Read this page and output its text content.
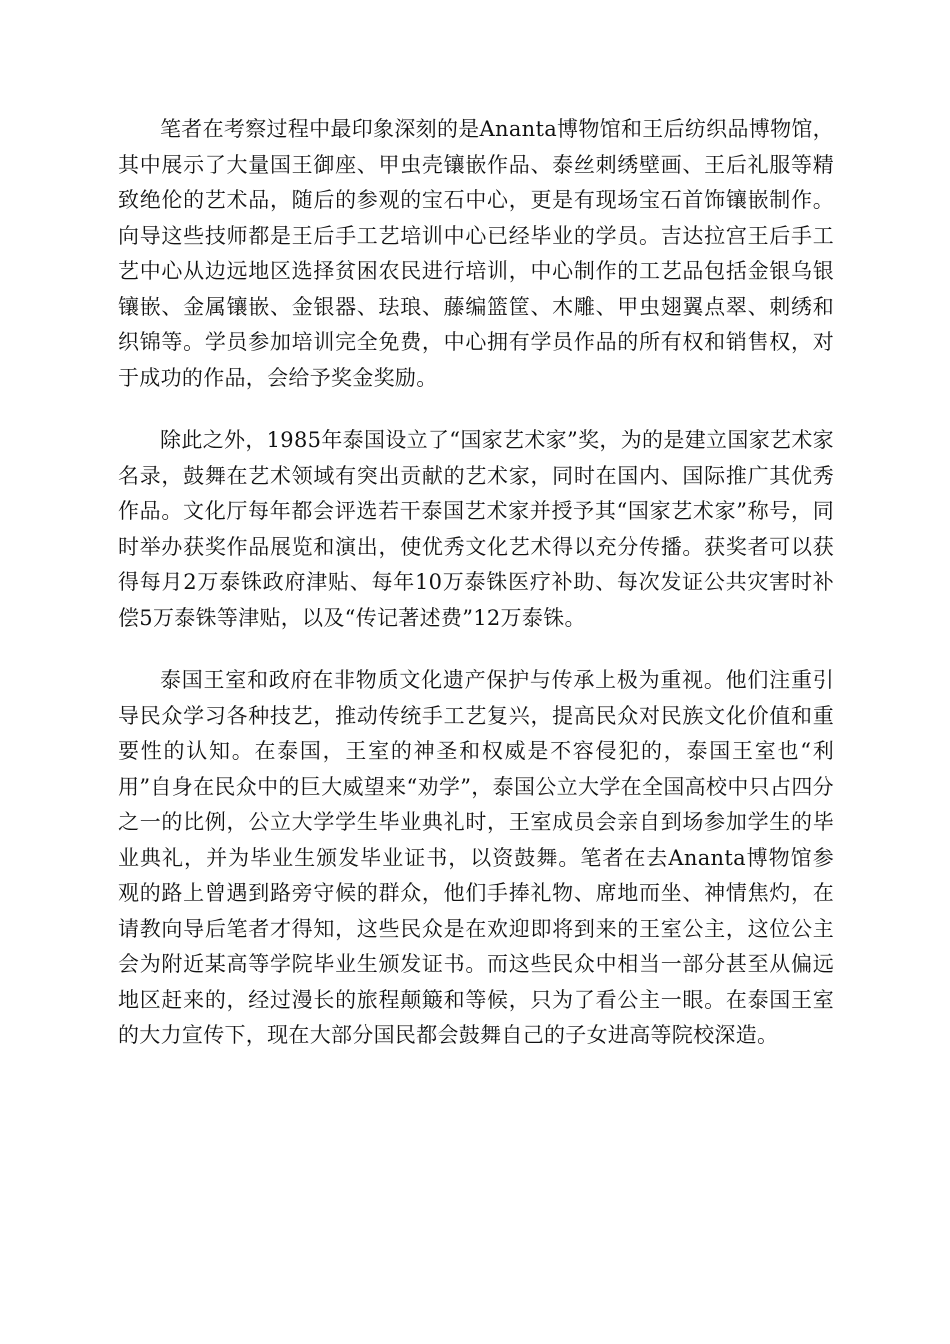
笔者在考察过程中最印象深刻的是Ananta博物馆和王后纺织品博物馆，其中展示了大量国王御座、甲虫壳镶嵌作品、泰丝刺绣壁画、王后礼服等精致绝伦的艺术品，随后的参观的宝石中心，更是有现场宝石首饰镶嵌制作。向导这些技师都是王后手工艺培训中心已经毕业的学员。吉达拉宫王后手工艺中心从边远地区选择贫困农民进行培训，中心制作的工艺品包括金银乌银镶嵌、金属镶嵌、金银器、珐琅、藤编篮筐、木雕、甲虫翅翼点翠、刺绣和织锦等。学员参加培训完全免费，中心拥有学员作品的所有权和销售权，对于成功的作品，会给予奖金奖励。

除此之外，1985年泰国设立了“国家艺术家”奖，为的是建立国家艺术家名录，鼓舞在艺术领域有突出贡献的艺术家，同时在国内、国际推广其优秀作品。文化厅每年都会评选若干泰国艺术家并授予其“国家艺术家”称号，同时举办获奖作品展览和演出，使优秀文化艺术得以充分传播。获奖者可以获得每月2万泰铢政府津贴、每年10万泰铢医疗补助、每次发证公共灾害时补偿5万泰铢等津贴，以及“传记著述费”12万泰铢。

泰国王室和政府在非物质文化遗产保护与传承上极为重视。他们注重引导民众学习各种技艺，推动传统手工艺复兴，提高民众对民族文化价值和重要性的认知。在泰国，王室的神圣和权威是不容侵犯的，泰国王室也“利用”自身在民众中的巨大威望来“劝学”，泰国公立大学在全国高校中只占四分之一的比例，公立大学学生毕业典礼时，王室成员会亲自到场参加学生的毕业典礼，并为毕业生颁发毕业证书，以资鼓舞。笔者在去Ananta博物馆参观的路上曾遇到路旁守候的群众，他们手捧礼物、席地而坐、神情焦灼，在请教向导后笔者才得知，这些民众是在欢迎即将到来的王室公主，这位公主会为附近某高等学院毕业生颁发证书。而这些民众中相当一部分甚至从偏远地区赶来的，经过漫长的旅程颠簸和等候，只为了看公主一眼。在泰国王室的大力宣传下，现在大部分国民都会鼓舞自己的子女进高等院校深造。
